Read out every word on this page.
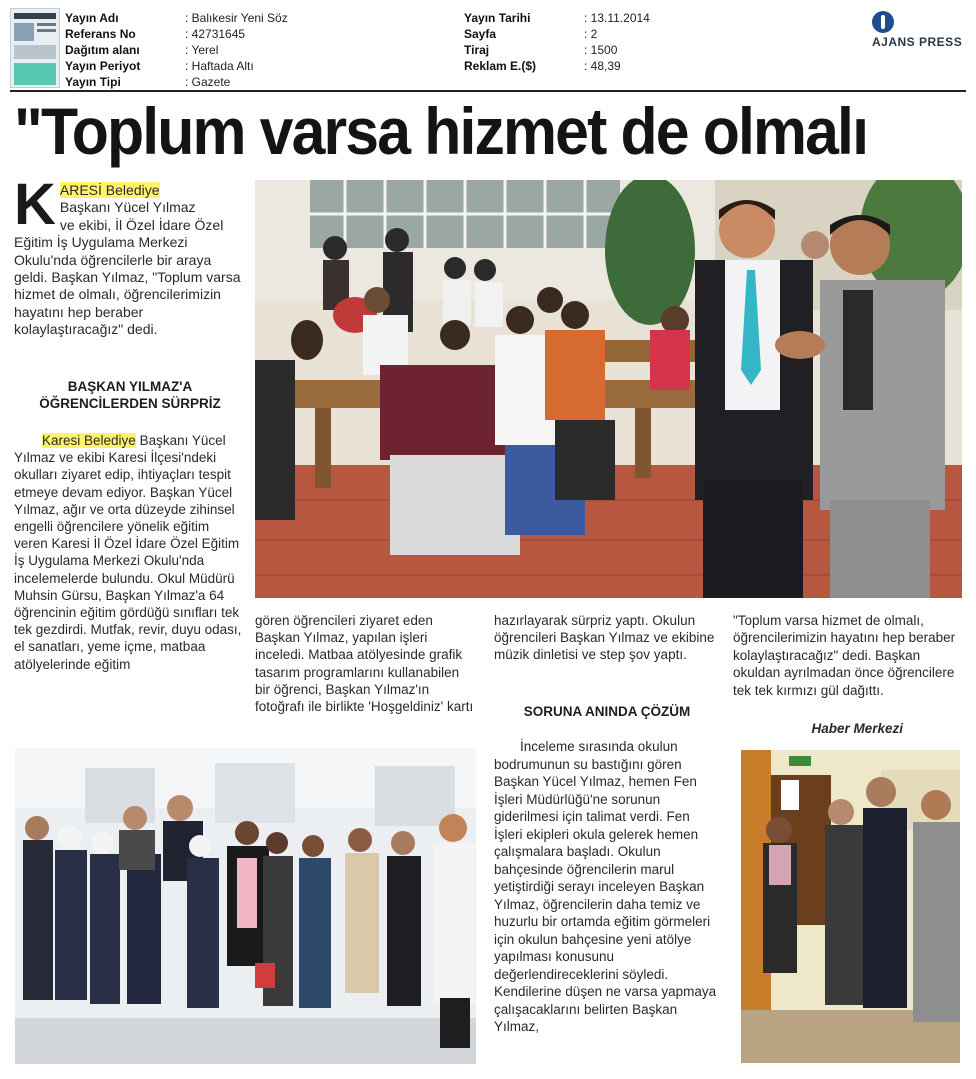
Yayın Adı	: Balıkesir Yeni Söz
Referans No	: 42731645
Dağıtım alanı	: Yerel
Yayın Periyot	: Haftada Altı
Yayın Tipi	: Gazete
Yayın Tarihi	: 13.11.2014
Sayfa	: 2
Tiraj	: 1500
Reklam E.($)	: 48,39
AJANS PRESS
"Toplum varsa hizmet de olmalı
KARESİ Belediye
Başkanı Yücel Yılmaz
ve ekibi, İl Özel İdare Özel Eğitim İş Uygulama Merkezi Okulu'nda öğrencilerle bir araya geldi. Başkan Yılmaz, "Toplum varsa hizmet de olmalı, öğrencilerimizin hayatını hep beraber kolaylaştıracağız" dedi.
BAŞKAN YILMAZ'A
ÖĞRENCİLERDEN SÜRPRİZ
Karesi Belediye Başkanı Yücel Yılmaz ve ekibi Karesi İlçesi'ndeki okulları ziyaret edip, ihtiyaçları tespit etmeye devam ediyor. Başkan Yücel Yılmaz, ağır ve orta düzeyde zihinsel engelli öğrencilere yönelik eğitim veren Karesi İl Özel İdare Özel Eğitim İş Uygulama Merkezi Okulu'nda incelemelerde bulundu. Okul Müdürü Muhsin Gürsu, Başkan Yılmaz'a 64 öğrencinin eğitim gördüğü sınıfları tek tek gezdirdi. Mutfak, revir, duyu odası, el sanatları, yeme içme, matbaa atölyelerinde eğitim
gören öğrencileri ziyaret eden Başkan Yılmaz, yapılan işleri inceledi. Matbaa atölyesinde grafik tasarım programlarını kullanabilen bir öğrenci, Başkan Yılmaz'ın fotoğrafı ile birlikte 'Hoşgeldiniz' kartı
hazırlayarak sürpriz yaptı. Okulun öğrencileri Başkan Yılmaz ve ekibine müzik dinletisi ve step şov yaptı.
SORUNA ANINDA ÇÖZÜM
İnceleme sırasında okulun bodrumunun su bastığını gören Başkan Yücel Yılmaz, hemen Fen İşleri Müdürlüğü'ne sorunun giderilmesi için talimat verdi. Fen İşleri ekipleri okula gelerek hemen çalışmalara başladı. Okulun bahçesinde öğrencilerin marul yetiştirdiği serayı inceleyen Başkan Yılmaz, öğrencilerin daha temiz ve huzurlu bir ortamda eğitim görmeleri için okulun bahçesine yeni atölye yapılması konusunu değerlendireceklerini söyledi. Kendilerine düşen ne varsa yapmaya çalışacaklarını belirten Başkan Yılmaz,
"Toplum varsa hizmet de olmalı, öğrencilerimizin hayatını hep beraber kolaylaştıracağız" dedi. Başkan okuldan ayrılmadan önce öğrencilere tek tek kırmızı gül dağıttı.
Haber Merkezi
